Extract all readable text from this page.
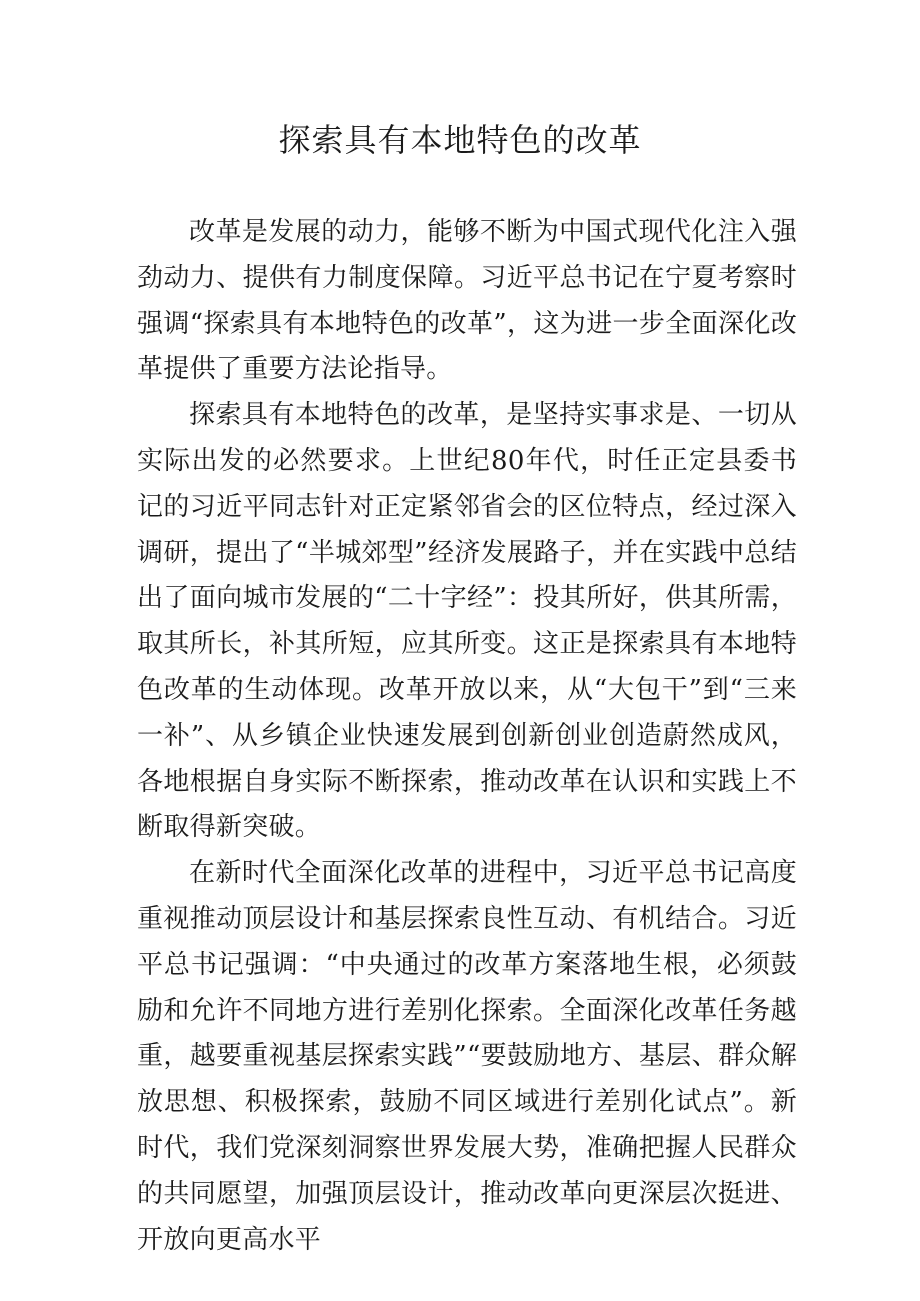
探索具有本地特色的改革

改革是发展的动力，能够不断为中国式现代化注入强劲动力、提供有力制度保障。习近平总书记在宁夏考察时强调“探索具有本地特色的改革”，这为进一步全面深化改革提供了重要方法论指导。

探索具有本地特色的改革，是坚持实事求是、一切从实际出发的必然要求。上世纪80年代，时任正定县委书记的习近平同志针对正定紧邻省会的区位特点，经过深入调研，提出了“半城郊型”经济发展路子，并在实践中总结出了面向城市发展的“二十字经”：投其所好，供其所需，取其所长，补其所短，应其所变。这正是探索具有本地特色改革的生动体现。改革开放以来，从“大包干”到“三来一补”、从乡镇企业快速发展到创新创业创造蔚然成风，各地根据自身实际不断探索，推动改革在认识和实践上不断取得新突破。

在新时代全面深化改革的进程中，习近平总书记高度重视推动顶层设计和基层探索良性互动、有机结合。习近平总书记强调：“中央通过的改革方案落地生根，必须鼓励和允许不同地方进行差别化探索。全面深化改革任务越重，越要重视基层探索实践”“要鼓励地方、基层、群众解放思想、积极探索，鼓励不同区域进行差别化试点”。新时代，我们党深刻洞察世界发展大势，准确把握人民群众的共同愿望，加强顶层设计，推动改革向更深层次挺进、开放向更高水平
